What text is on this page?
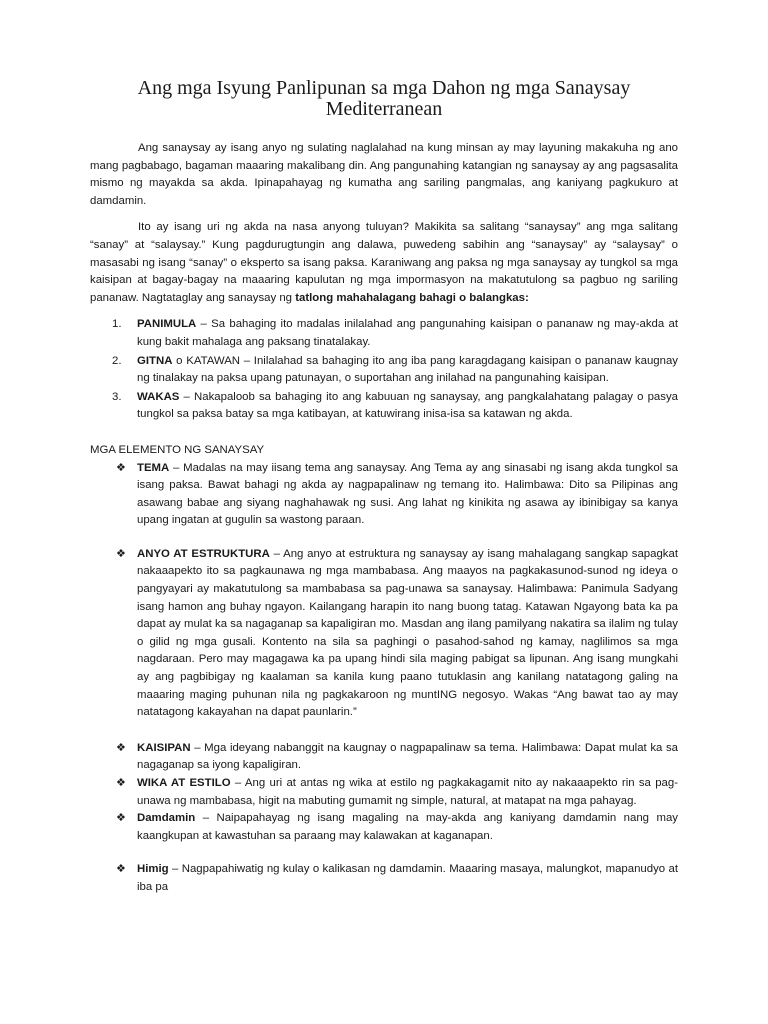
Ang mga Isyung Panlipunan sa mga Dahon ng mga Sanaysay
Mediterranean

Ang sanaysay ay isang anyo ng sulating naglalahad na kung minsan ay may layuning makakuha ng ano mang pagbabago, bagaman maaaring makalibang din. Ang pangunahing katangian ng sanaysay ay ang pagsasalita mismo ng mayakda sa akda. Ipinapahayag ng kumatha ang sariling pangmalas, ang kaniyang pagkukuro at damdamin.

Ito ay isang uri ng akda na nasa anyong tuluyan? Makikita sa salitang “sanaysay” ang mga salitang “sanay” at “salaysay.” Kung pagdurugtungin ang dalawa, puwedeng sabihin ang “sanaysay” ay “salaysay” o masasabi ng isang “sanay” o eksperto sa isang paksa. Karaniwang ang paksa ng mga sanaysay ay tungkol sa mga kaisipan at bagay-bagay na maaaring kapulutan ng mga impormasyon na makatutulong sa pagbuo ng sariling pananaw. Nagtataglay ang sanaysay ng tatlong mahahalagang bahagi o balangkas:

1. PANIMULA – Sa bahaging ito madalas inilalahad ang pangunahing kaisipan o pananaw ng may-akda at kung bakit mahalaga ang paksang tinatalakay.
2. GITNA o KATAWAN – Inilalahad sa bahaging ito ang iba pang karagdagang kaisipan o pananaw kaugnay ng tinalakay na paksa upang patunayan, o suportahan ang inilahad na pangunahing kaisipan.
3. WAKAS – Nakapaloob sa bahaging ito ang kabuuan ng sanaysay, ang pangkalahatang palagay o pasya tungkol sa paksa batay sa mga katibayan, at katuwirang inisa-isa sa katawan ng akda.
MGA ELEMENTO NG SANAYSAY
❖ TEMA – Madalas na may iisang tema ang sanaysay. Ang Tema ay ang sinasabi ng isang akda tungkol sa isang paksa. Bawat bahagi ng akda ay nagpapalinaw ng temang ito. Halimbawa: Dito sa Pilipinas ang asawang babae ang siyang naghahawak ng susi. Ang lahat ng kinikita ng asawa ay ibinibigay sa kanya upang ingatan at gugulin sa wastong paraan.
❖ ANYO AT ESTRUKTURA – Ang anyo at estruktura ng sanaysay ay isang mahalagang sangkap sapagkat nakaaapekto ito sa pagkaunawa ng mga mambabasa. Ang maayos na pagkakasunod-sunod ng ideya o pangyayari ay makatutulong sa mambabasa sa pag-unawa sa sanaysay. Halimbawa: Panimula Sadyang isang hamon ang buhay ngayon. Kailangang harapin ito nang buong tatag. Katawan Ngayong bata ka pa dapat ay mulat ka sa nagaganap sa kapaligiran mo. Masdan ang ilang pamilyang nakatira sa ilalim ng tulay o gilid ng mga gusali. Kontento na sila sa paghingi o pasahod-sahod ng kamay, naglilimos sa mga nagdaraan. Pero may magagawa ka pa upang hindi sila maging pabigat sa lipunan. Ang isang mungkahi ay ang pagbibigay ng kaalaman sa kanila kung paano tutuklasin ang kanilang natatagong galing na maaaring maging puhunan nila ng pagkakaroon ng muntING negosyo. Wakas “Ang bawat tao ay may natatagong kakayahan na dapat paunlarin.”
❖ KAISIPAN – Mga ideyang nabanggit na kaugnay o nagpapalinaw sa tema. Halimbawa: Dapat mulat ka sa nagaganap sa iyong kapaligiran.
❖ WIKA AT ESTILO – Ang uri at antas ng wika at estilo ng pagkakagamit nito ay nakaaapekto rin sa pag-unawa ng mambabasa, higit na mabuting gumamit ng simple, natural, at matapat na mga pahayag.
❖ Damdamin – Naipapahayag ng isang magaling na may-akda ang kaniyang damdamin nang may kaangkupan at kawastuhan sa paraang may kalawakan at kaganapan.
❖ Himig – Nagpapahiwatig ng kulay o kalikasan ng damdamin. Maaaring masaya, malungkot, mapanudyo at iba pa
